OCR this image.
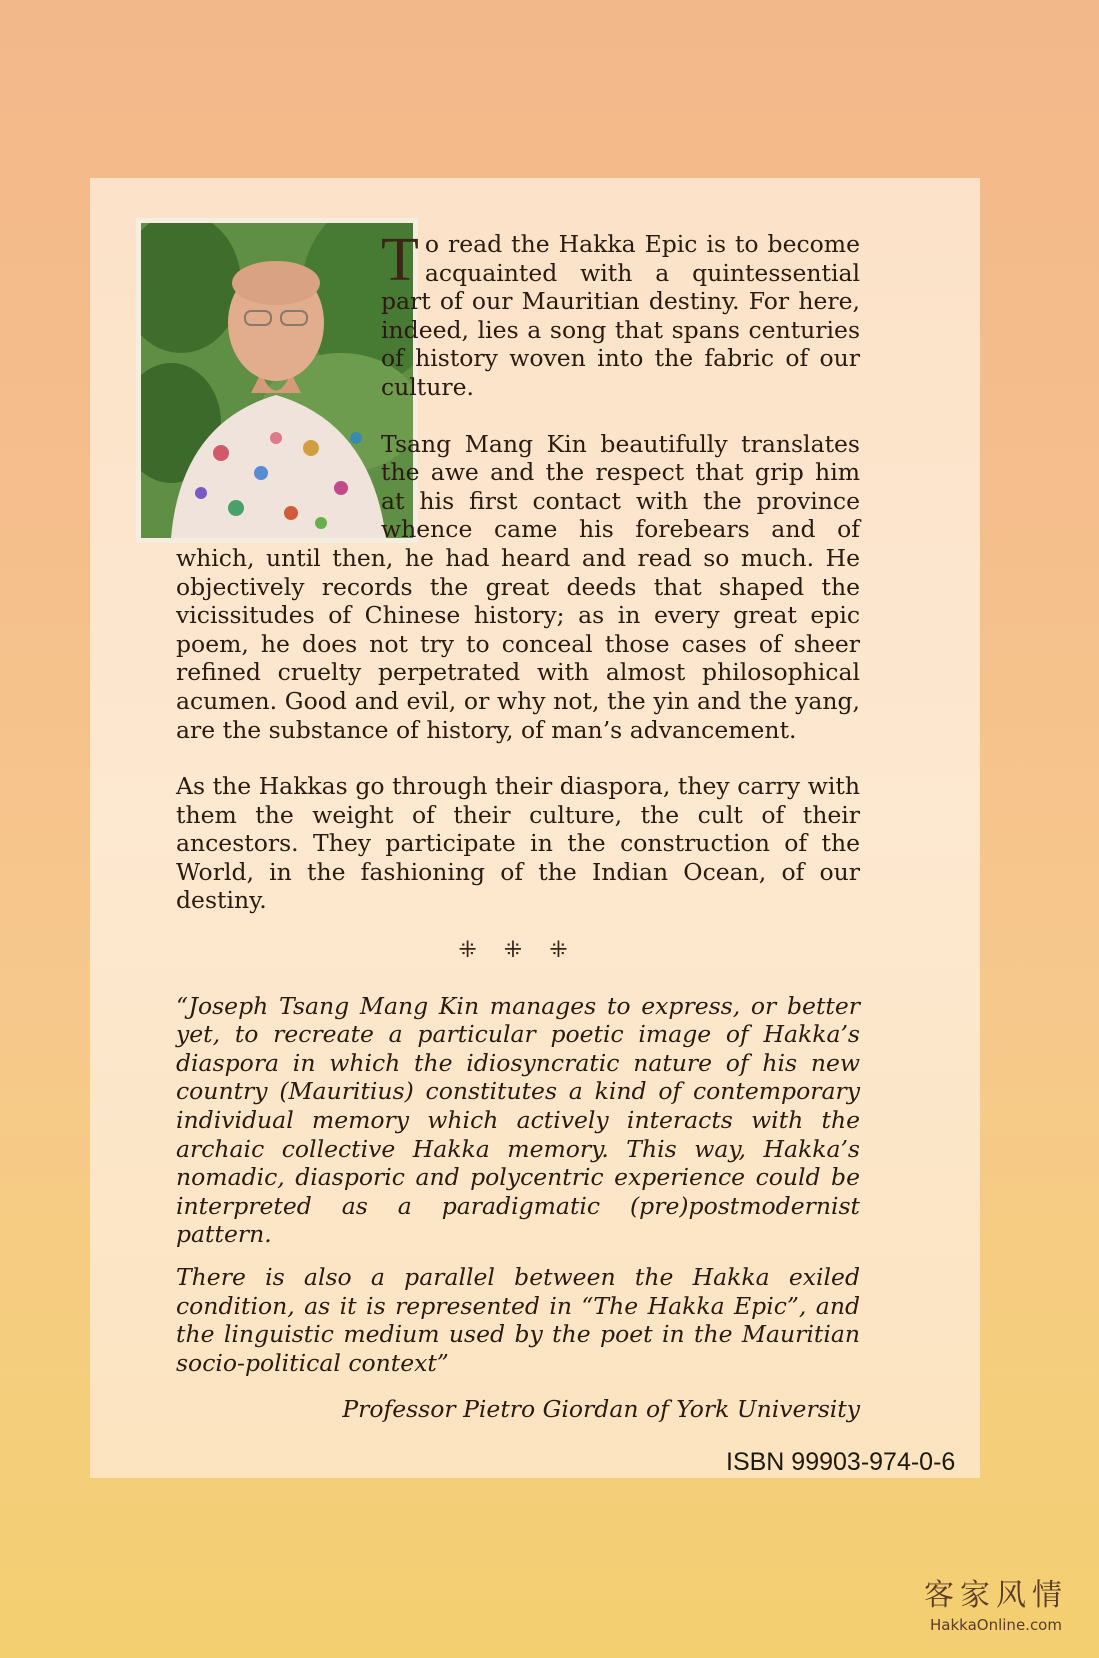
To read the Hakka Epic is to become acquainted with a quintessential part of our Mauritian destiny. For here, indeed, lies a song that spans centuries of history woven into the fabric of our culture.

Tsang Mang Kin beautifully translates the awe and the respect that grip him at his first contact with the province whence came his forebears and of which, until then, he had heard and read so much. He objectively records the great deeds that shaped the vicissitudes of Chinese history; as in every great epic poem, he does not try to conceal those cases of sheer refined cruelty perpetrated with almost philosophical acumen. Good and evil, or why not, the yin and the yang, are the substance of history, of man’s advancement.

As the Hakkas go through their diaspora, they carry with them the weight of their culture, the cult of their ancestors. They participate in the construction of the World, in the fashioning of the Indian Ocean, of our destiny.

⁜ ⁜ ⁜

“Joseph Tsang Mang Kin manages to express, or better yet, to recreate a particular poetic image of Hakka’s diaspora in which the idiosyncratic nature of his new country (Mauritius) constitutes a kind of contemporary individual memory which actively interacts with the archaic collective Hakka memory. This way, Hakka’s nomadic, diasporic and polycentric experience could be interpreted as a paradigmatic (pre)postmodernist pattern.

There is also a parallel between the Hakka exiled condition, as it is represented in “The Hakka Epic”, and the linguistic medium used by the poet in the Mauritian socio-political context”

Professor Pietro Giordan of York University

ISBN 99903-974-0-6
客家风情
HakkaOnline.com
